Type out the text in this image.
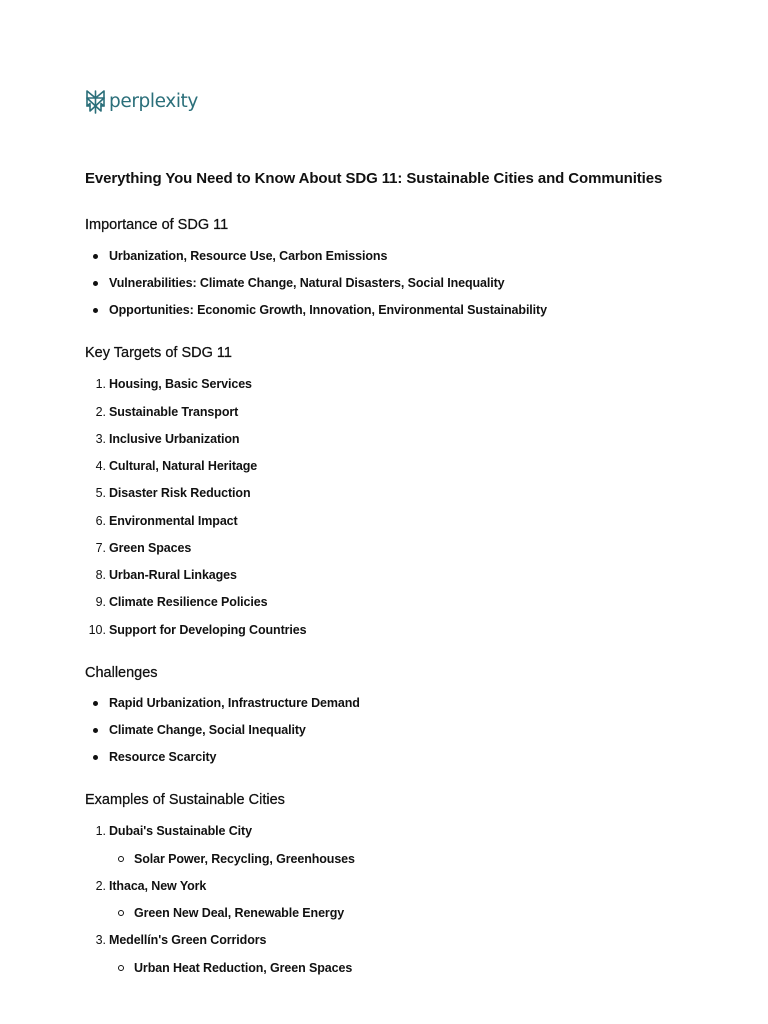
perplexity
Everything You Need to Know About SDG 11: Sustainable Cities and Communities
Importance of SDG 11
Urbanization, Resource Use, Carbon Emissions
Vulnerabilities: Climate Change, Natural Disasters, Social Inequality
Opportunities: Economic Growth, Innovation, Environmental Sustainability
Key Targets of SDG 11
1. Housing, Basic Services
2. Sustainable Transport
3. Inclusive Urbanization
4. Cultural, Natural Heritage
5. Disaster Risk Reduction
6. Environmental Impact
7. Green Spaces
8. Urban-Rural Linkages
9. Climate Resilience Policies
10. Support for Developing Countries
Challenges
Rapid Urbanization, Infrastructure Demand
Climate Change, Social Inequality
Resource Scarcity
Examples of Sustainable Cities
1. Dubai's Sustainable City
Solar Power, Recycling, Greenhouses
2. Ithaca, New York
Green New Deal, Renewable Energy
3. Medellín's Green Corridors
Urban Heat Reduction, Green Spaces
